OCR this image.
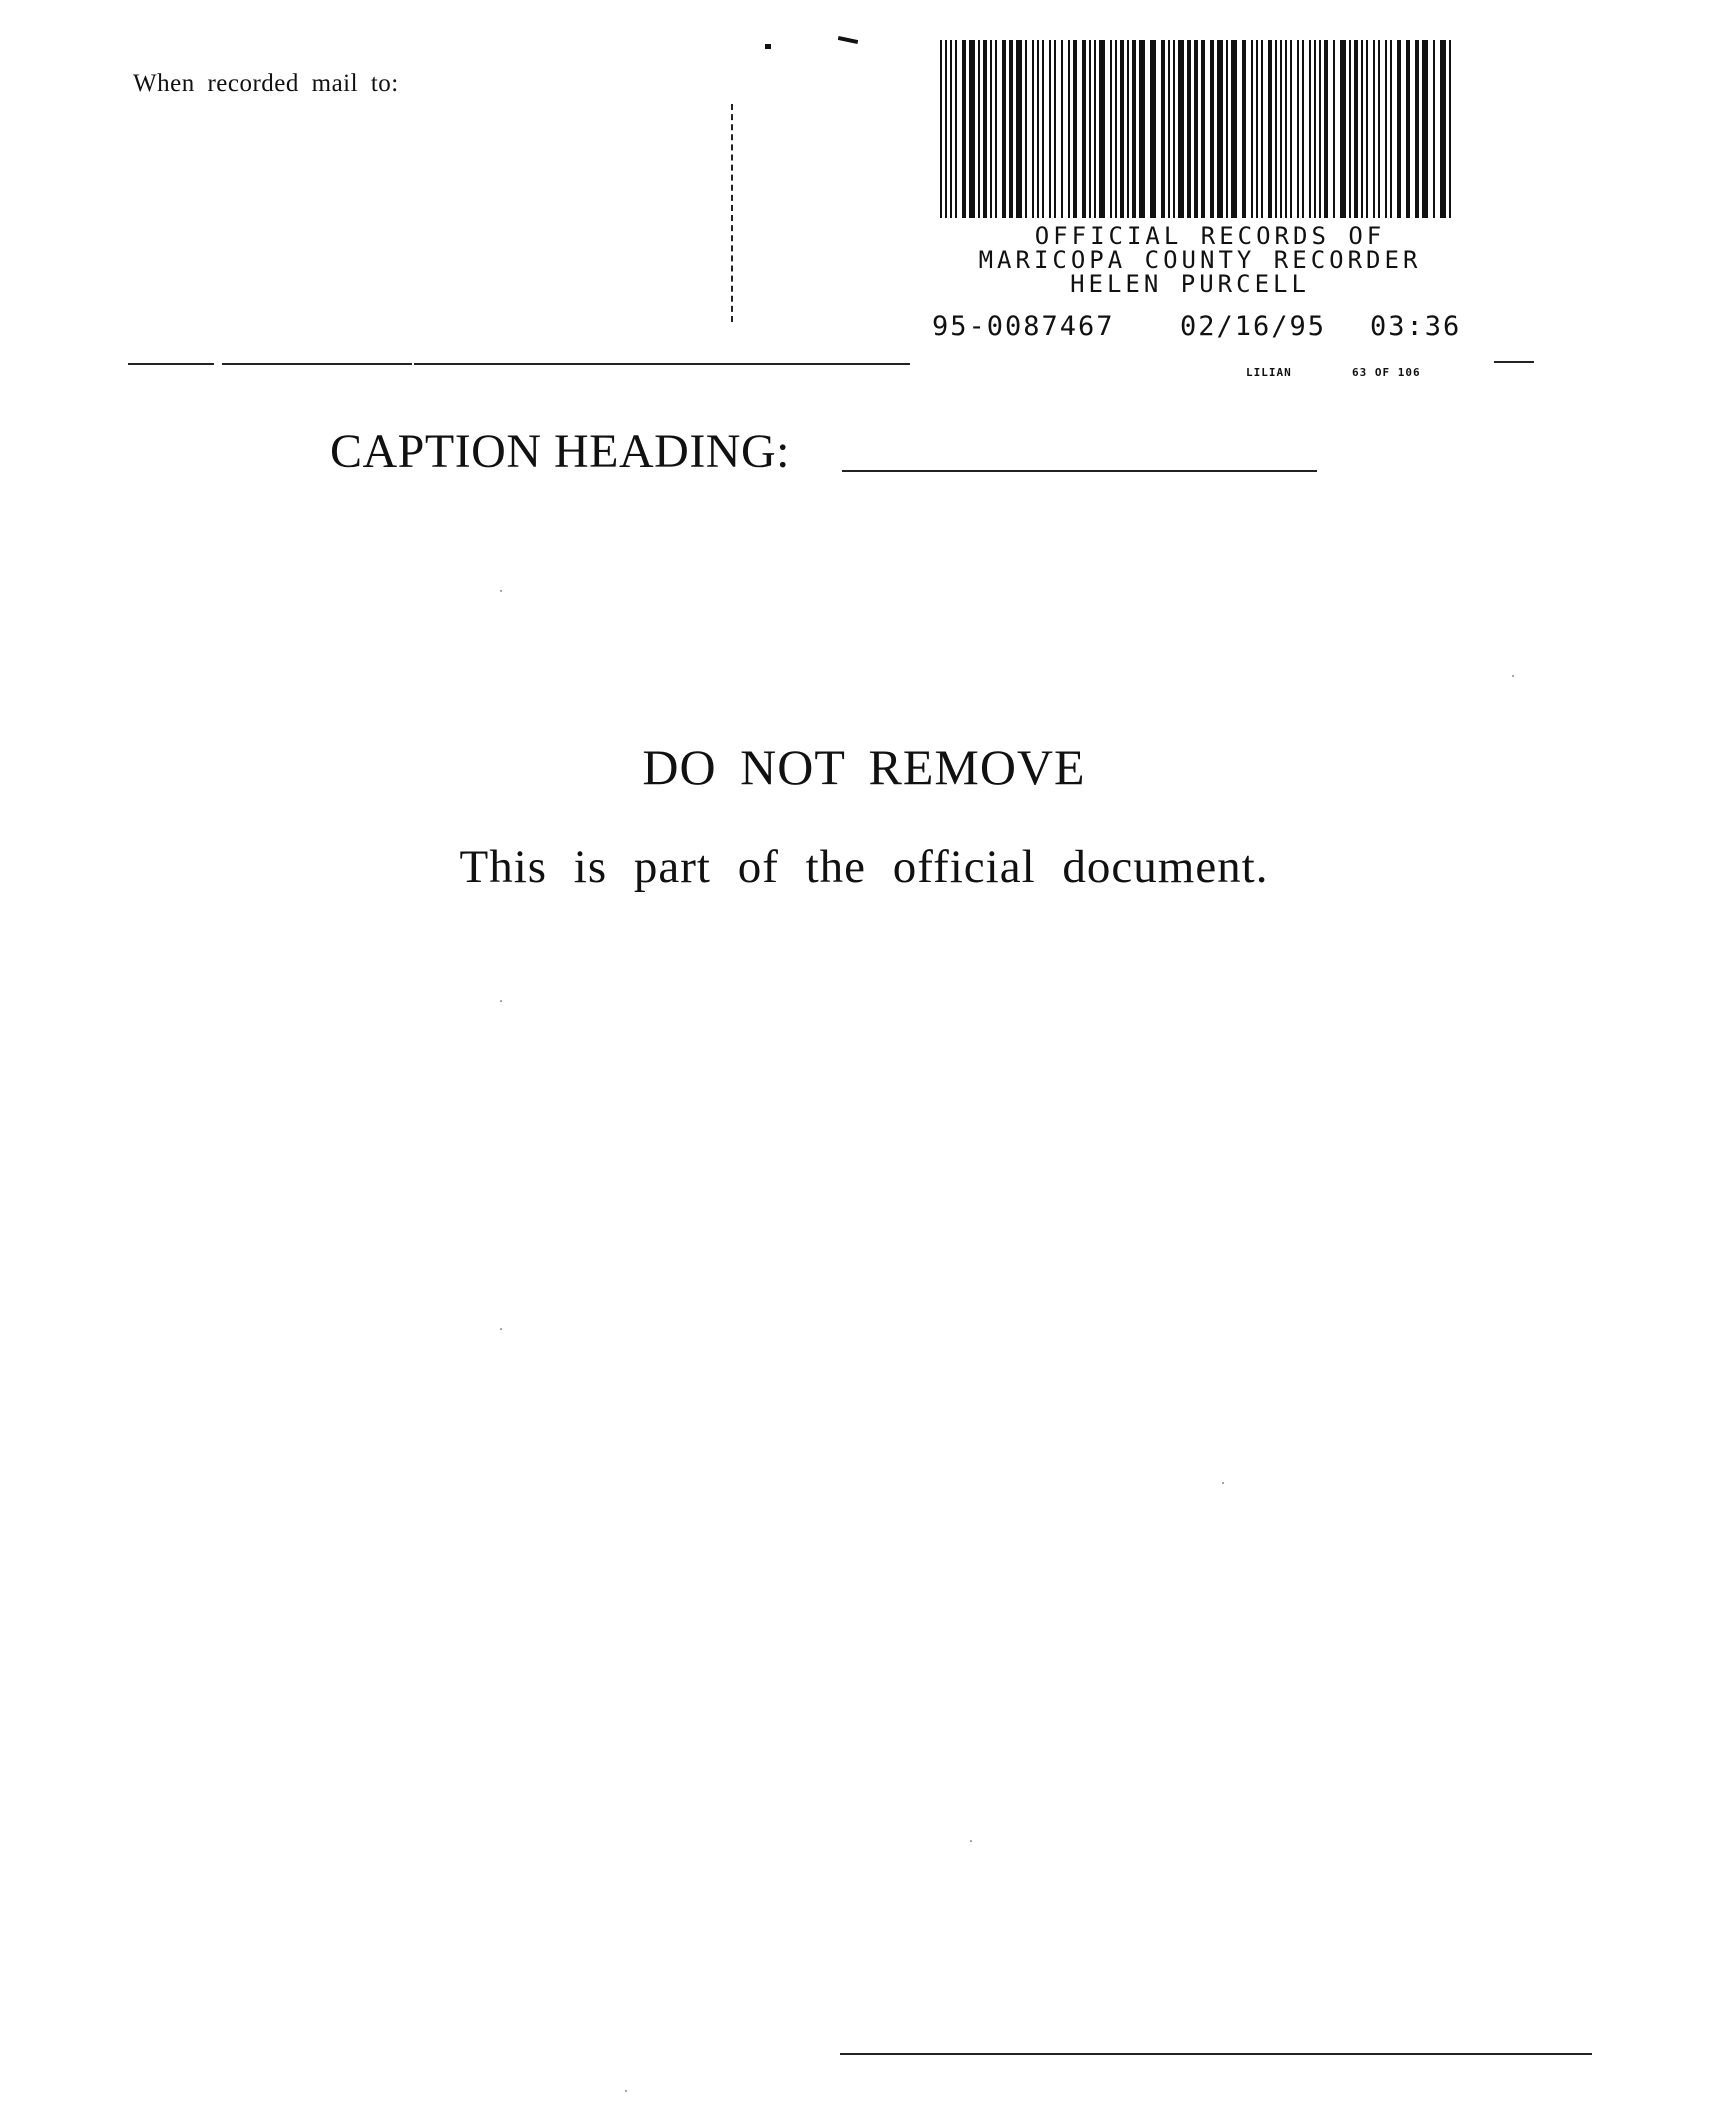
When recorded mail to:
OFFICIAL RECORDS OF
MARICOPA COUNTY RECORDER
HELEN PURCELL
95-0087467 02/16/95 03:36
LILIAN	63 OF 106
CAPTION HEADING:
DO NOT REMOVE
This is part of the official document.
